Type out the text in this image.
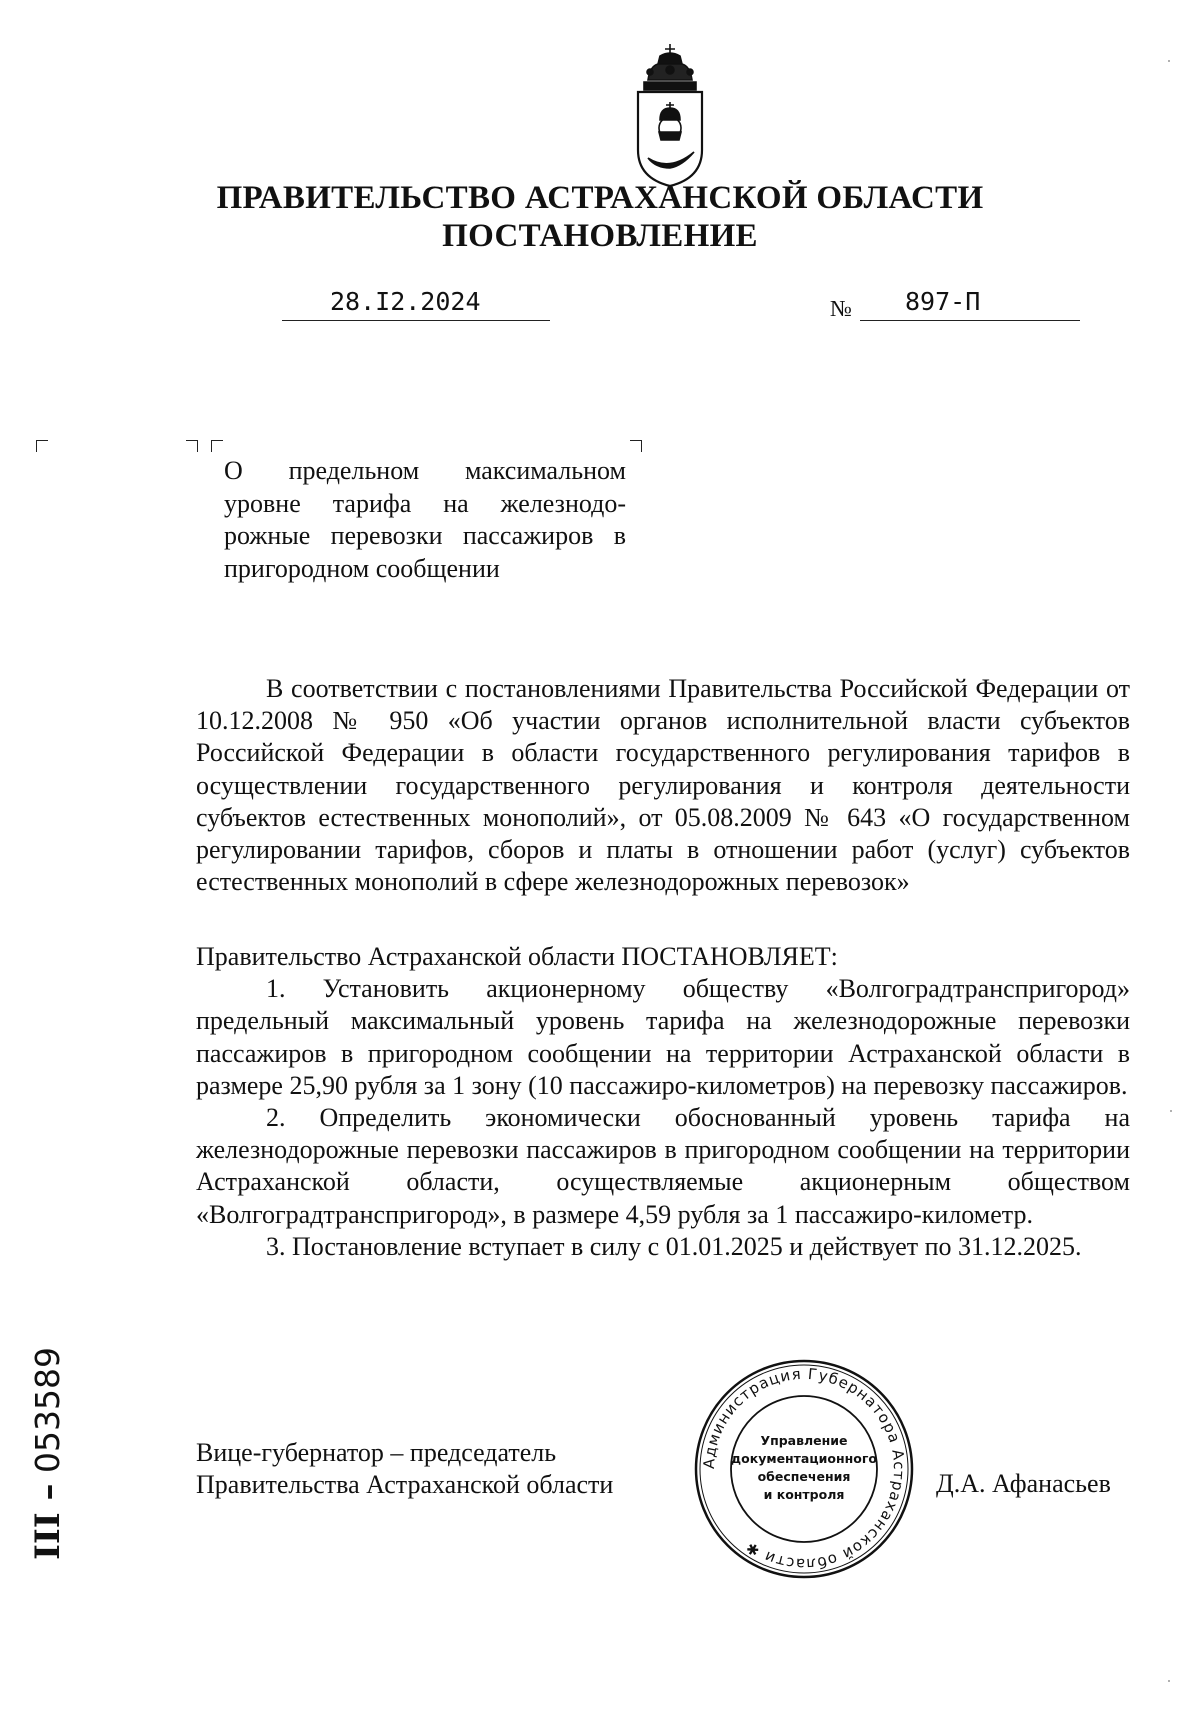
ПРАВИТЕЛЬСТВО АСТРАХАНСКОЙ ОБЛАСТИ
ПОСТАНОВЛЕНИЕ
28.I2.2024	№ 897-П
О предельном максимальном
уровне тарифа на железнодо-
рожные перевозки пассажиров в
пригородном сообщении

В соответствии с постановлениями Правительства Российской Федерации от 10.12.2008 № 950 «Об участии органов исполнительной власти субъектов Российской Федерации в области государственного регулирования тарифов в осуществлении государственного регулирования и контроля деятельности субъектов естественных монополий», от 05.08.2009 № 643 «О государственном регулировании тарифов, сборов и платы в отношении работ (услуг) субъектов естественных монополий в сфере железнодорожных перевозок»

Правительство Астраханской области ПОСТАНОВЛЯЕТ:

1. Установить акционерному обществу «Волгоградтранспригород» предельный максимальный уровень тарифа на железнодорожные перевозки пассажиров в пригородном сообщении на территории Астраханской области в размере 25,90 рубля за 1 зону (10 пассажиро-километров) на перевозку пассажиров.

2. Определить экономически обоснованный уровень тарифа на железнодорожные перевозки пассажиров в пригородном сообщении на территории Астраханской области, осуществляемые акционерным обществом «Волгоградтранспригород», в размере 4,59 рубля за 1 пассажиро-километр.

3. Постановление вступает в силу с 01.01.2025 и действует по 31.12.2025.

Вице-губернатор – председатель
Правительства Астраханской области	Д.А. Афанасьев
Администрация Губернатора Астраханской области ✱
Управление
документационного
обеспечения
и контроля
ІІІ – 053589
